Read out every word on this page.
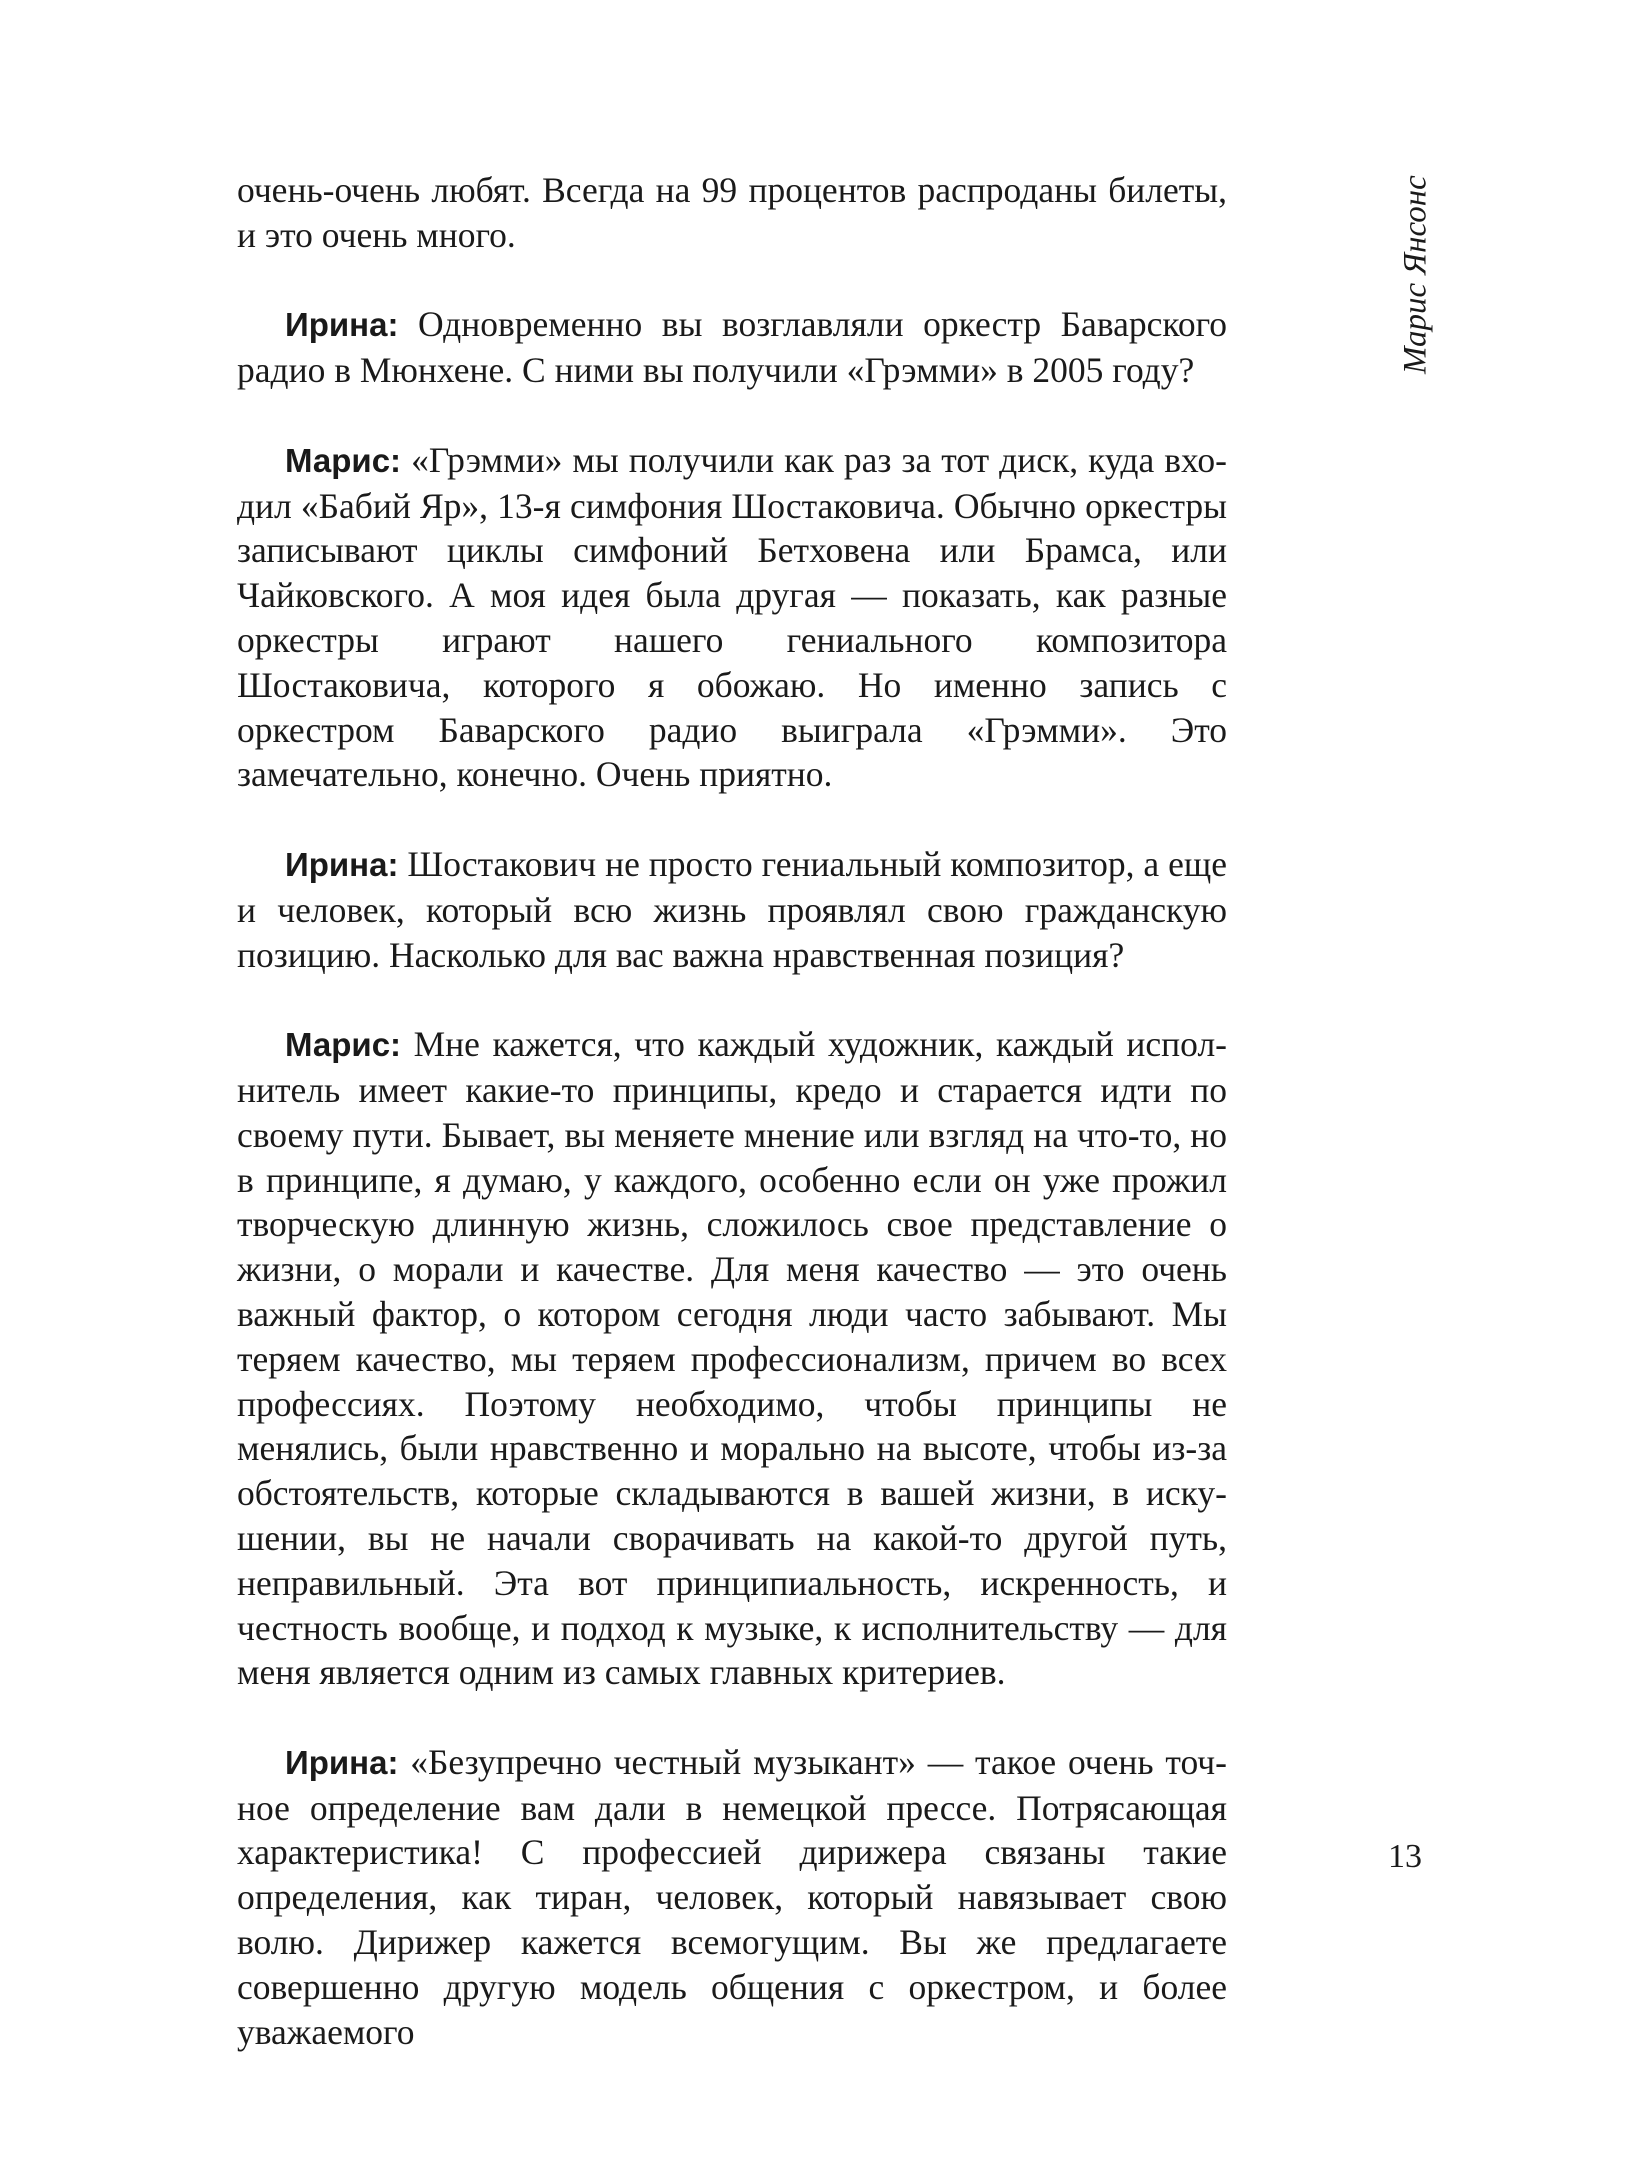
очень-очень любят. Всегда на 99 процентов распроданы билеты, и это очень много.

Ирина: Одновременно вы возглавляли оркестр Баварского радио в Мюнхене. С ними вы получили «Грэмми» в 2005 году?

Марис: «Грэмми» мы получили как раз за тот диск, куда входил «Бабий Яр», 13-я симфония Шостаковича. Обычно оркестры записывают циклы симфоний Бетховена или Брамса, или Чайковского. А моя идея была другая — показать, как разные оркестры играют нашего гениального композитора Шостаковича, которого я обожаю. Но именно запись с оркестром Баварского радио выиграла «Грэмми». Это замечательно, конечно. Очень приятно.

Ирина: Шостакович не просто гениальный композитор, а еще и человек, который всю жизнь проявлял свою гражданскую позицию. Насколько для вас важна нравственная позиция?

Марис: Мне кажется, что каждый художник, каждый исполнитель имеет какие-то принципы, кредо и старается идти по своему пути. Бывает, вы меняете мнение или взгляд на что-то, но в принципе, я думаю, у каждого, особенно если он уже прожил творческую длинную жизнь, сложилось свое представление о жизни, о морали и качестве. Для меня качество — это очень важный фактор, о котором сегодня люди часто забывают. Мы теряем качество, мы теряем профессионализм, причем во всех профессиях. Поэтому необходимо, чтобы принципы не менялись, были нравственно и морально на высоте, чтобы из-за обстоятельств, которые складываются в вашей жизни, в искушении, вы не начали сворачивать на какой-то другой путь, неправильный. Эта вот принципиальность, искренность, и честность вообще, и подход к музыке, к исполнительству — для меня является одним из самых главных критериев.

Ирина: «Безупречно честный музыкант» — такое очень точное определение вам дали в немецкой прессе. Потрясающая характеристика! С профессией дирижера связаны такие определения, как тиран, человек, который навязывает свою волю. Дирижер кажется всемогущим. Вы же предлагаете совершенно другую модель общения с оркестром, и более уважаемого

Марис Янсонс
13
